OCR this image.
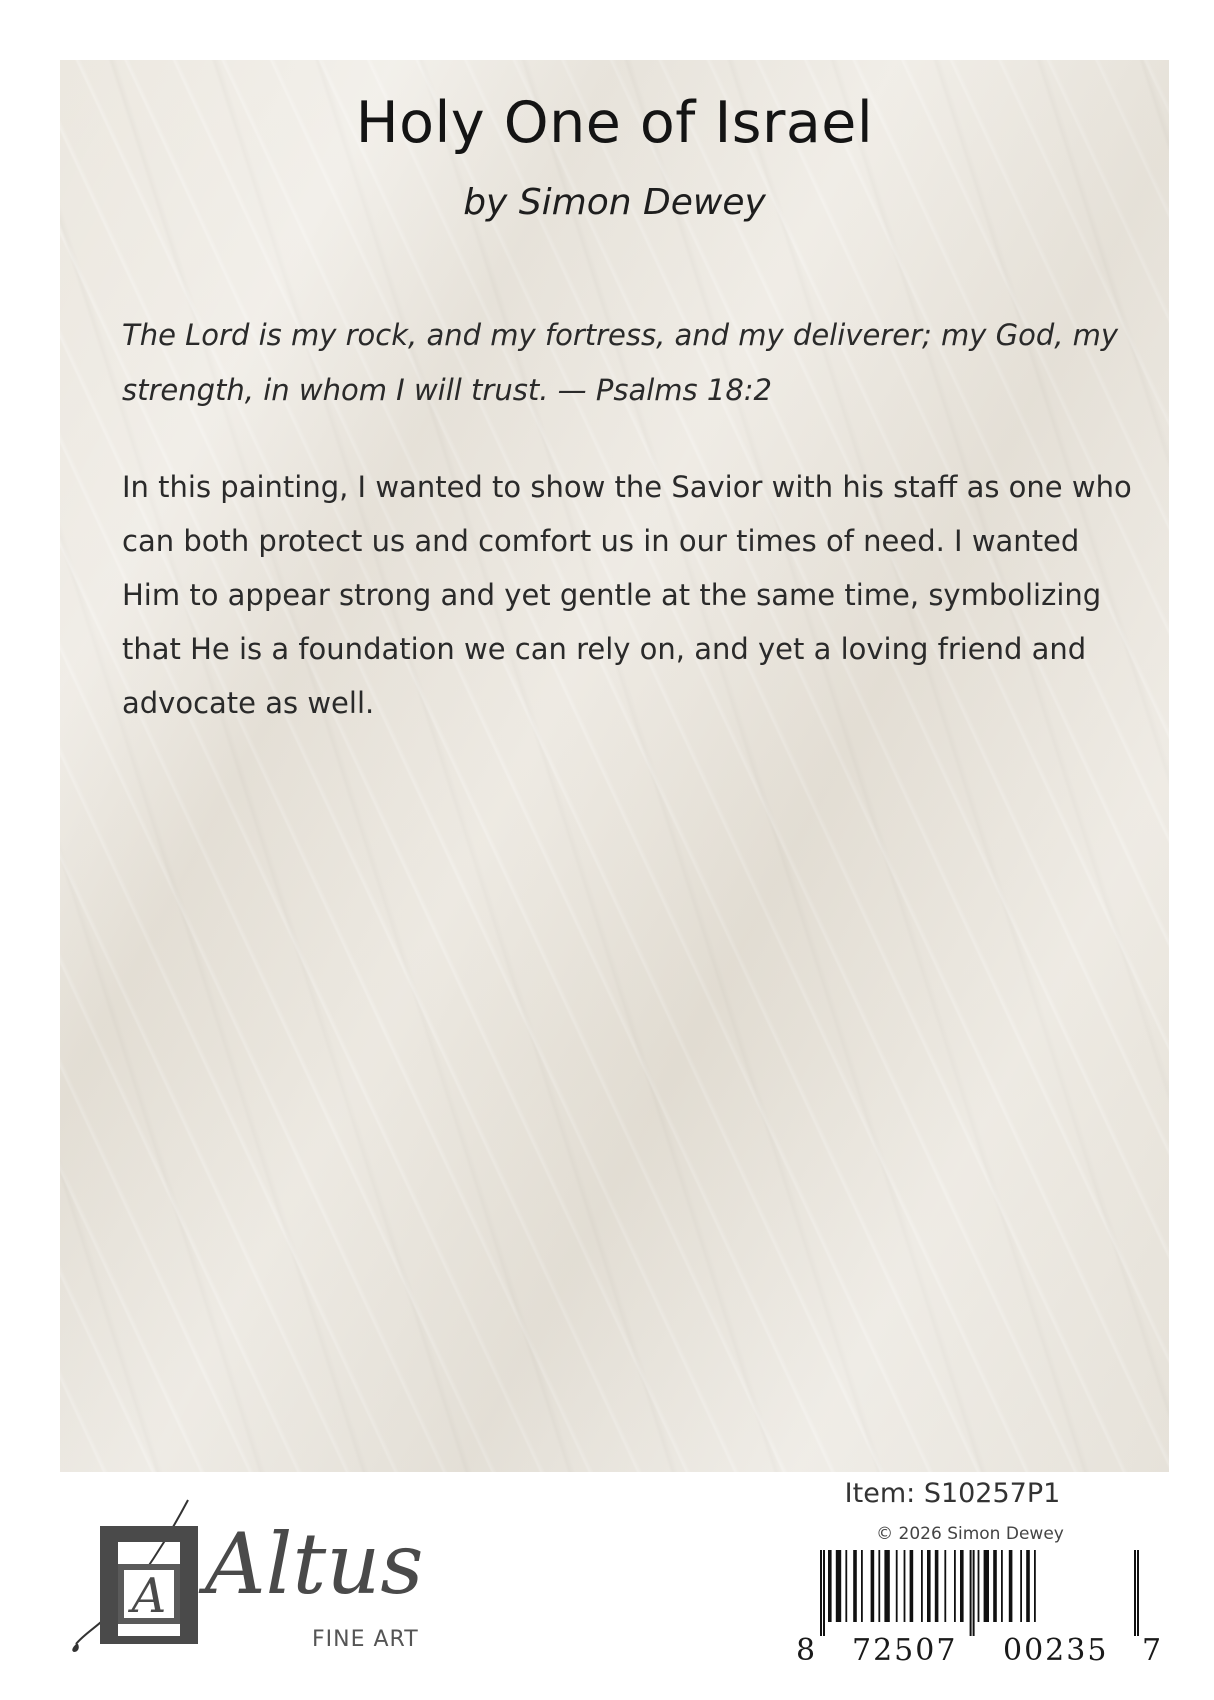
Holy One of Israel
by Simon Dewey
The Lord is my rock, and my fortress, and my deliverer; my God, my strength, in whom I will trust. — Psalms 18:2
In this painting, I wanted to show the Savior with his staff as one who can both protect us and comfort us in our times of need. I wanted Him to appear strong and yet gentle at the same time, symbolizing that He is a foundation we can rely on, and yet a loving friend and advocate as well.
A Altus
FINE ART
Item: S10257P1
© 2026 Simon Dewey
8 72507 00235 7
